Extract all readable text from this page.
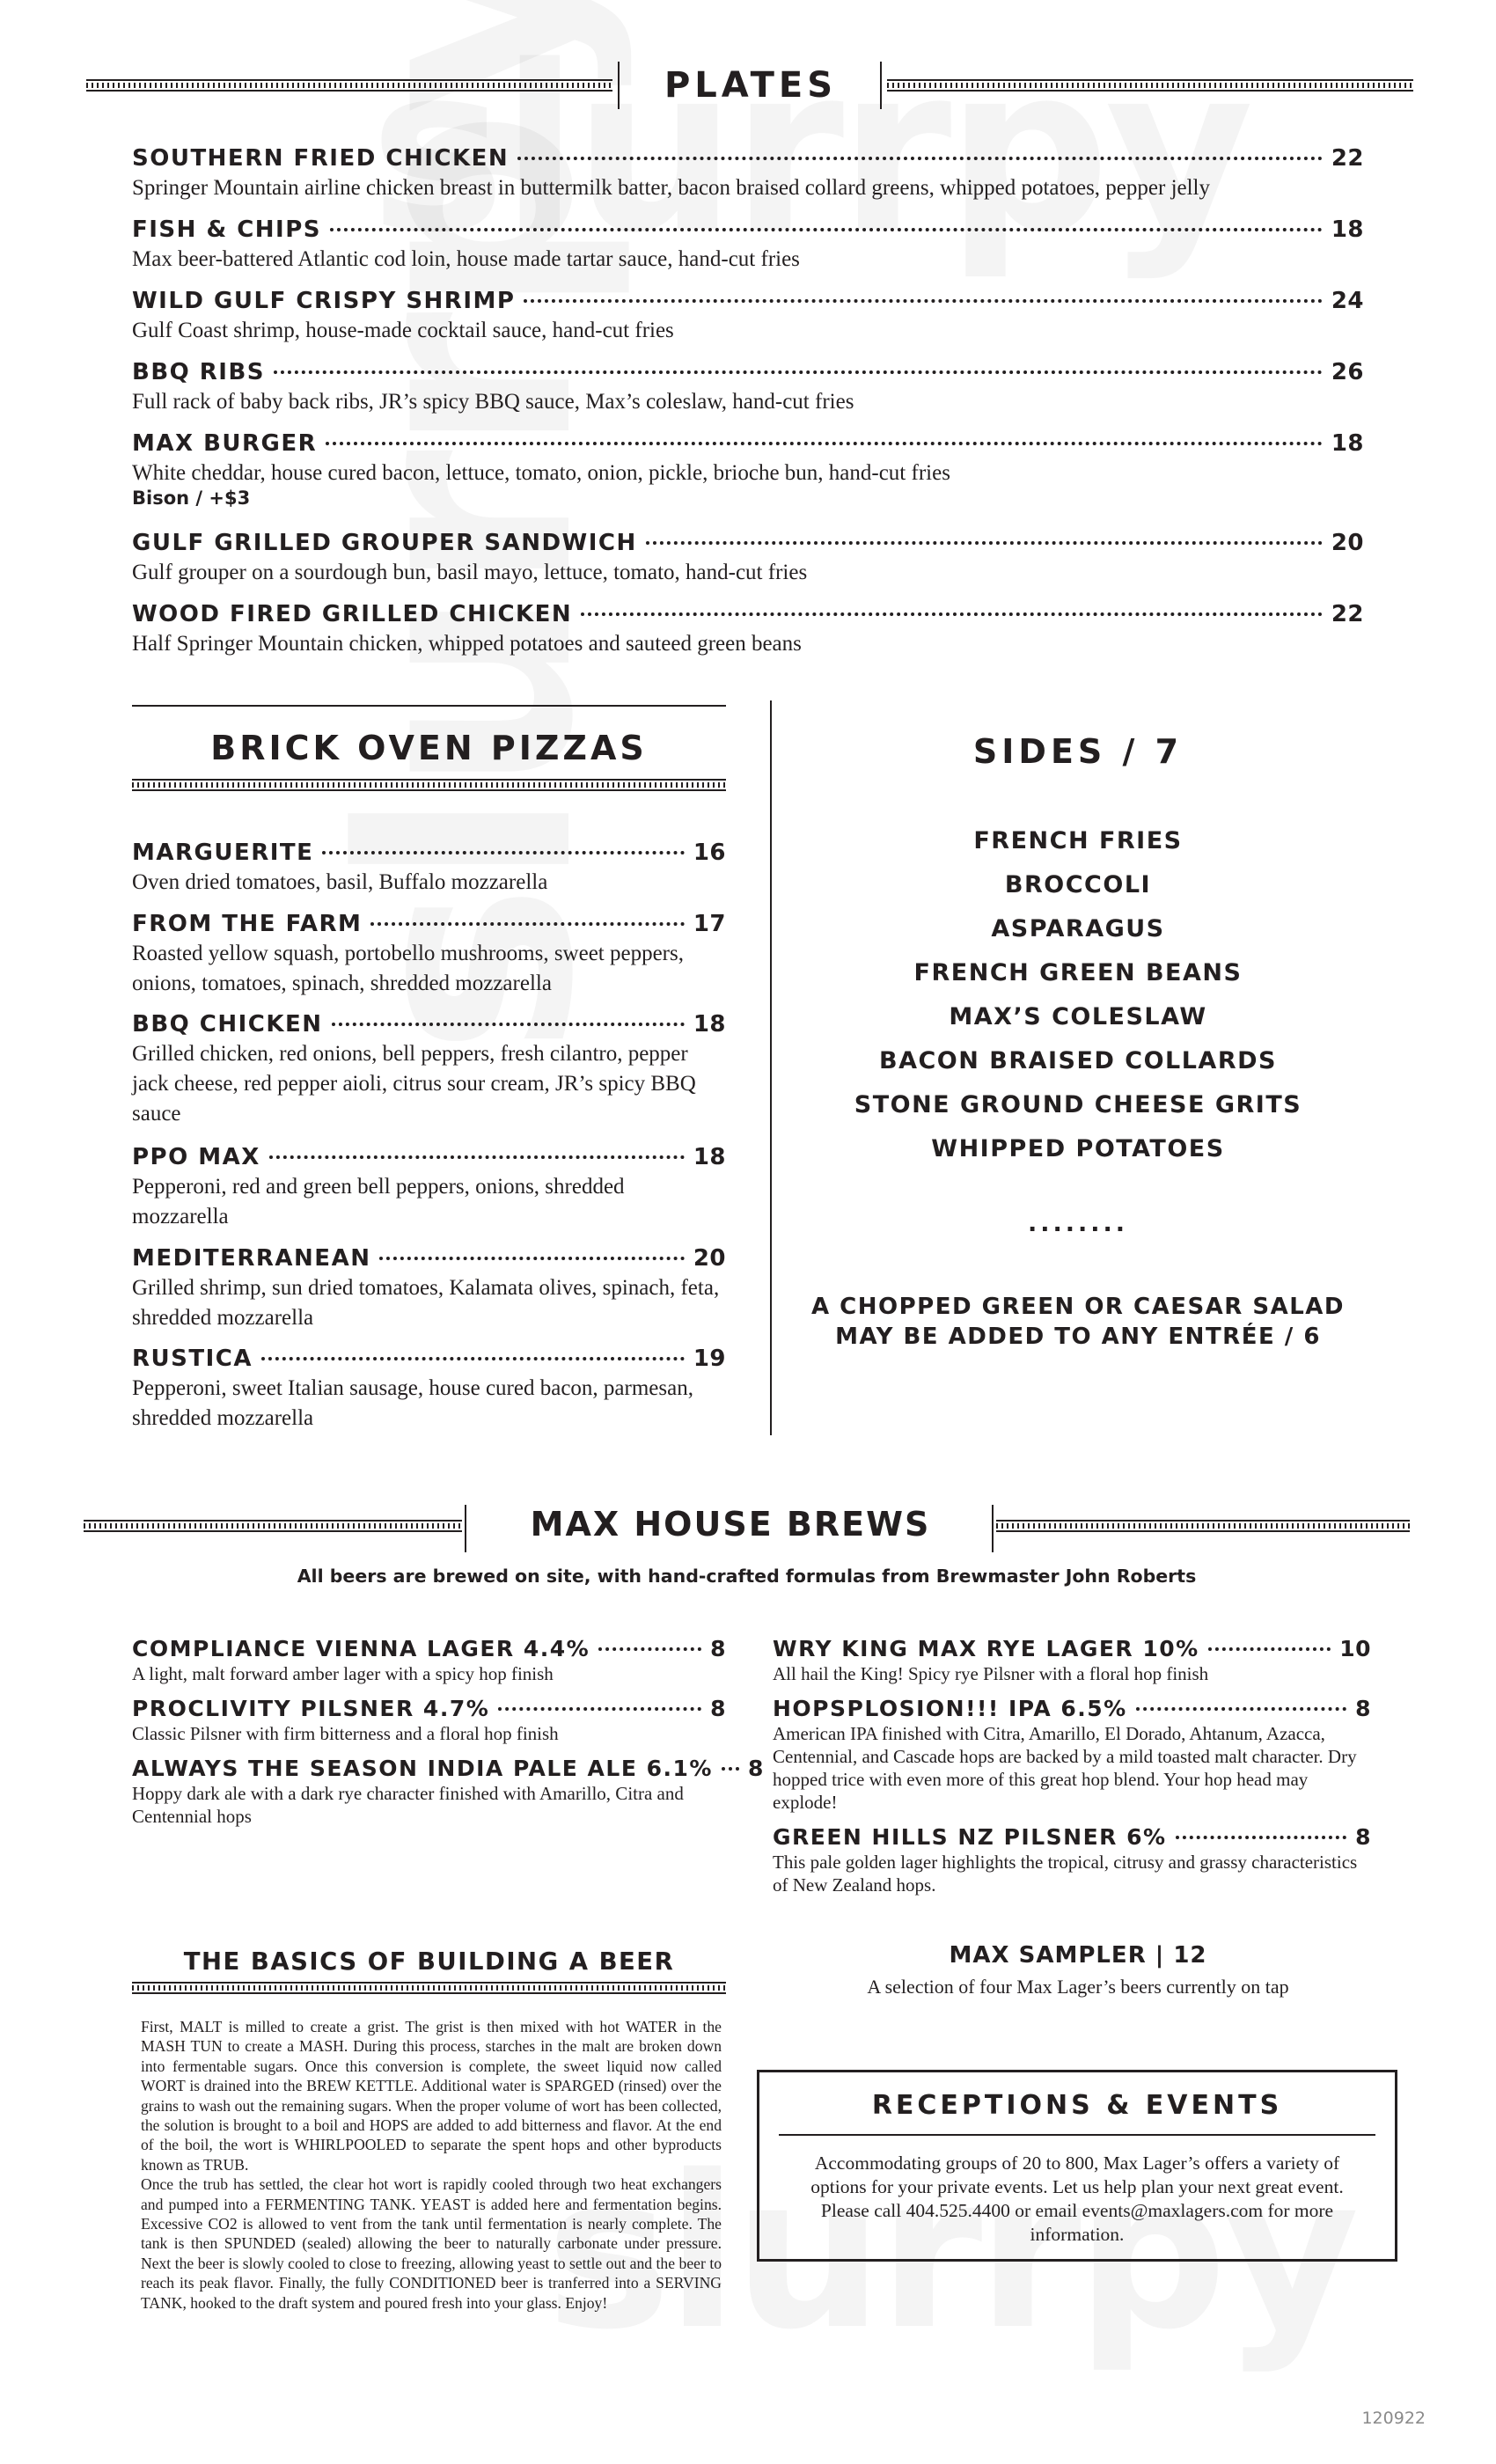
PLATES
SOUTHERN FRIED CHICKEN	22
Springer Mountain airline chicken breast in buttermilk batter, bacon braised collard greens, whipped potatoes, pepper jelly
FISH & CHIPS	18
Max beer-battered Atlantic cod loin, house made tartar sauce, hand-cut fries
WILD GULF CRISPY SHRIMP	24
Gulf Coast shrimp, house-made cocktail sauce, hand-cut fries
BBQ RIBS	26
Full rack of baby back ribs, JR’s spicy BBQ sauce, Max’s coleslaw, hand-cut fries
MAX BURGER	18
White cheddar, house cured bacon, lettuce, tomato, onion, pickle, brioche bun, hand-cut fries
Bison / +$3
GULF GRILLED GROUPER SANDWICH	20
Gulf grouper on a sourdough bun, basil mayo, lettuce, tomato, hand-cut fries
WOOD FIRED GRILLED CHICKEN	22
Half Springer Mountain chicken, whipped potatoes and sauteed green beans
BRICK OVEN PIZZAS
MARGUERITE	16
Oven dried tomatoes, basil, Buffalo mozzarella
FROM THE FARM	17
Roasted yellow squash, portobello mushrooms, sweet peppers, onions, tomatoes, spinach, shredded mozzarella
BBQ CHICKEN	18
Grilled chicken, red onions, bell peppers, fresh cilantro, pepper jack cheese, red pepper aioli, citrus sour cream, JR’s spicy BBQ sauce
PPO MAX	18
Pepperoni, red and green bell peppers, onions, shredded mozzarella
MEDITERRANEAN	20
Grilled shrimp, sun dried tomatoes, Kalamata olives, spinach, feta, shredded mozzarella
RUSTICA	19
Pepperoni, sweet Italian sausage, house cured bacon, parmesan, shredded mozzarella
SIDES / 7
FRENCH FRIES
BROCCOLI
ASPARAGUS
FRENCH GREEN BEANS
MAX’S COLESLAW
BACON BRAISED COLLARDS
STONE GROUND CHEESE GRITS
WHIPPED POTATOES
........
A CHOPPED GREEN OR CAESAR SALAD
MAY BE ADDED TO ANY ENTRÉE / 6
MAX HOUSE BREWS
All beers are brewed on site, with hand-crafted formulas from Brewmaster John Roberts
COMPLIANCE VIENNA LAGER 4.4%	8
A light, malt forward amber lager with a spicy hop finish
PROCLIVITY PILSNER 4.7%	8
Classic Pilsner with firm bitterness and a floral hop finish
ALWAYS THE SEASON INDIA PALE ALE 6.1% 8
Hoppy dark ale with a dark rye character finished with Amarillo, Citra and Centennial hops
WRY KING MAX RYE LAGER 10%	10
All hail the King! Spicy rye Pilsner with a floral hop finish
HOPSPLOSION!!! IPA 6.5%	8
American IPA finished with Citra, Amarillo, El Dorado, Ahtanum, Azacca, Centennial, and Cascade hops are backed by a mild toasted malt character. Dry hopped trice with even more of this great hop blend. Your hop head may explode!
GREEN HILLS NZ PILSNER 6%	8
This pale golden lager highlights the tropical, citrusy and grassy characteristics of New Zealand hops.
THE BASICS OF BUILDING A BEER

First, MALT is milled to create a grist. The grist is then mixed with hot WATER in the MASH TUN to create a MASH. During this process, starches in the malt are broken down into fermentable sugars. Once this conversion is complete, the sweet liquid now called WORT is drained into the BREW KETTLE. Additional water is SPARGED (rinsed) over the grains to wash out the remaining sugars. When the proper volume of wort has been collected, the solution is brought to a boil and HOPS are added to add bitterness and flavor. At the end of the boil, the wort is WHIRLPOOLED to separate the spent hops and other byproducts known as TRUB.

Once the trub has settled, the clear hot wort is rapidly cooled through two heat exchangers and pumped into a FERMENTING TANK. YEAST is added here and fermentation begins. Excessive CO2 is allowed to vent from the tank until fermentation is nearly complete. The tank is then SPUNDED (sealed) allowing the beer to naturally carbonate under pressure. Next the beer is slowly cooled to close to freezing, allowing yeast to settle out and the beer to reach its peak flavor. Finally, the fully CONDITIONED beer is tranferred into a SERVING TANK, hooked to the draft system and poured fresh into your glass. Enjoy!

MAX SAMPLER | 12
A selection of four Max Lager’s beers currently on tap
RECEPTIONS & EVENTS
Accommodating groups of 20 to 800, Max Lager’s offers a variety of options for your private events. Let us help plan your next great event. Please call 404.525.4400 or email events@maxlagers.com for more information.
120922
